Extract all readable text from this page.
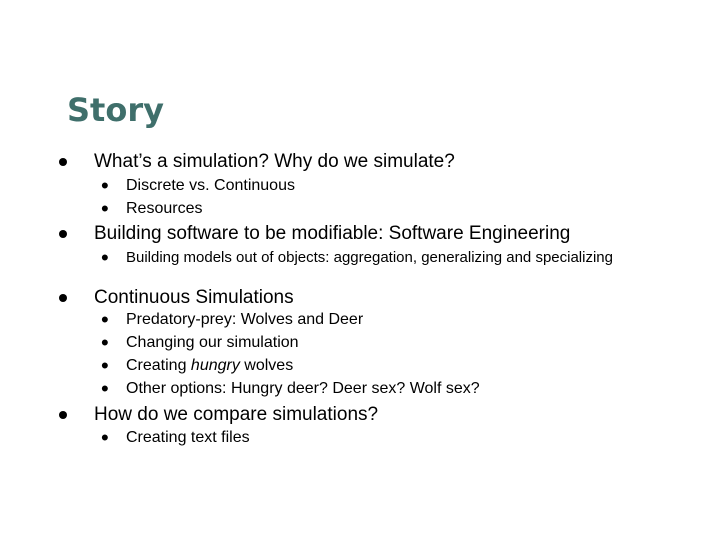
Story
What’s a simulation? Why do we simulate?
• Discrete vs. Continuous
• Resources
Building software to be modifiable: Software Engineering
• Building models out of objects: aggregation, generalizing and specializing
Continuous Simulations
• Predatory-prey: Wolves and Deer
• Changing our simulation
• Creating hungry wolves
• Other options: Hungry deer? Deer sex? Wolf sex?
How do we compare simulations?
• Creating text files
